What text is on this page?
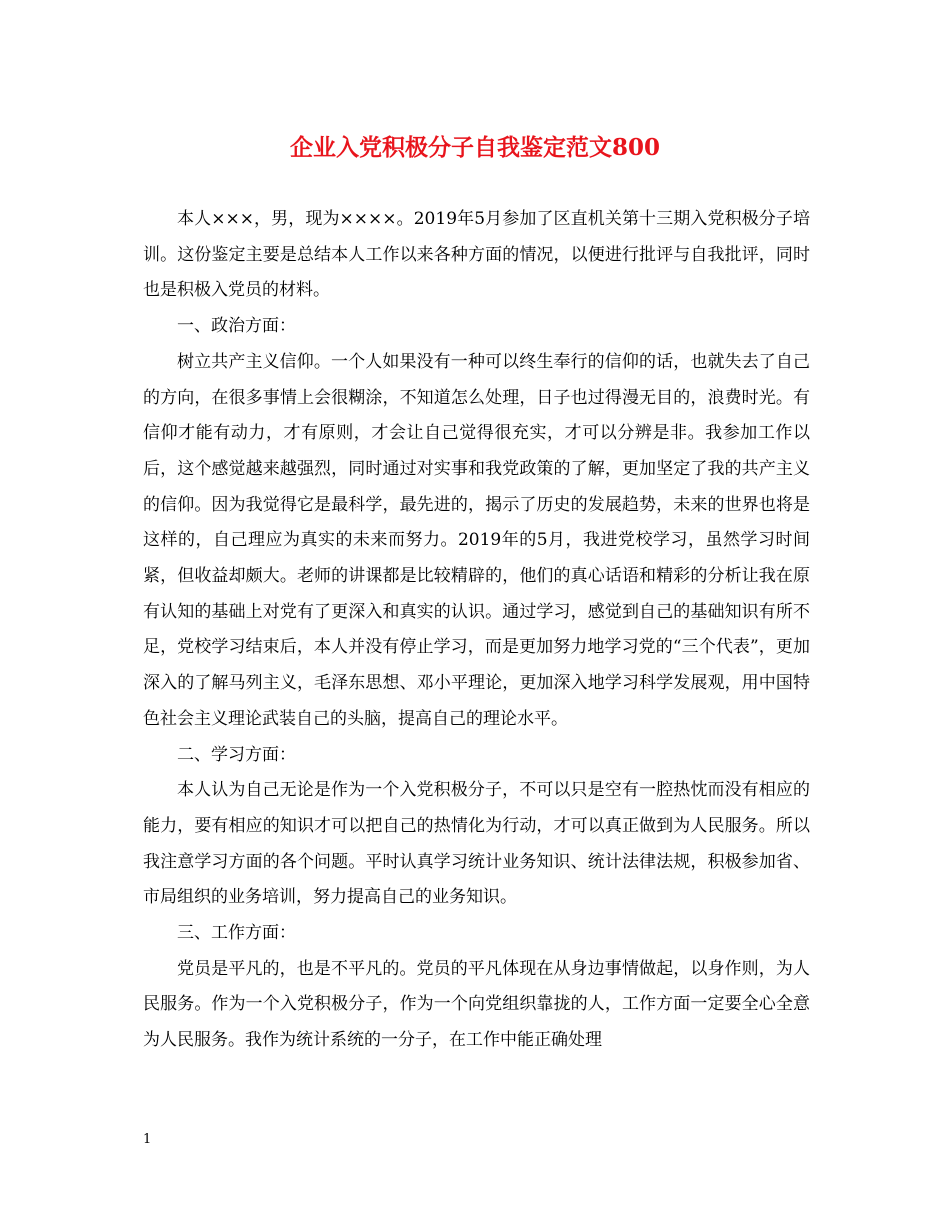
企业入党积极分子自我鉴定范文800

本人×××，男，现为××××。2019年5月参加了区直机关第十三期入党积极分子培训。这份鉴定主要是总结本人工作以来各种方面的情况，以便进行批评与自我批评，同时也是积极入党员的材料。

一、政治方面：

树立共产主义信仰。一个人如果没有一种可以终生奉行的信仰的话，也就失去了自己的方向，在很多事情上会很糊涂，不知道怎么处理，日子也过得漫无目的，浪费时光。有信仰才能有动力，才有原则，才会让自己觉得很充实，才可以分辨是非。我参加工作以后，这个感觉越来越强烈，同时通过对实事和我党政策的了解，更加坚定了我的共产主义的信仰。因为我觉得它是最科学，最先进的，揭示了历史的发展趋势，未来的世界也将是这样的，自己理应为真实的未来而努力。2019年的5月，我进党校学习，虽然学习时间紧，但收益却颇大。老师的讲课都是比较精辟的，他们的真心话语和精彩的分析让我在原有认知的基础上对党有了更深入和真实的认识。通过学习，感觉到自己的基础知识有所不足，党校学习结束后，本人并没有停止学习，而是更加努力地学习党的“三个代表”，更加深入的了解马列主义，毛泽东思想、邓小平理论，更加深入地学习科学发展观，用中国特色社会主义理论武装自己的头脑，提高自己的理论水平。

二、学习方面：

本人认为自己无论是作为一个入党积极分子，不可以只是空有一腔热忱而没有相应的能力，要有相应的知识才可以把自己的热情化为行动，才可以真正做到为人民服务。所以我注意学习方面的各个问题。平时认真学习统计业务知识、统计法律法规，积极参加省、市局组织的业务培训，努力提高自己的业务知识。

三、工作方面：

党员是平凡的，也是不平凡的。党员的平凡体现在从身边事情做起，以身作则，为人民服务。作为一个入党积极分子，作为一个向党组织靠拢的人，工作方面一定要全心全意为人民服务。我作为统计系统的一分子，在工作中能正确处理

1
